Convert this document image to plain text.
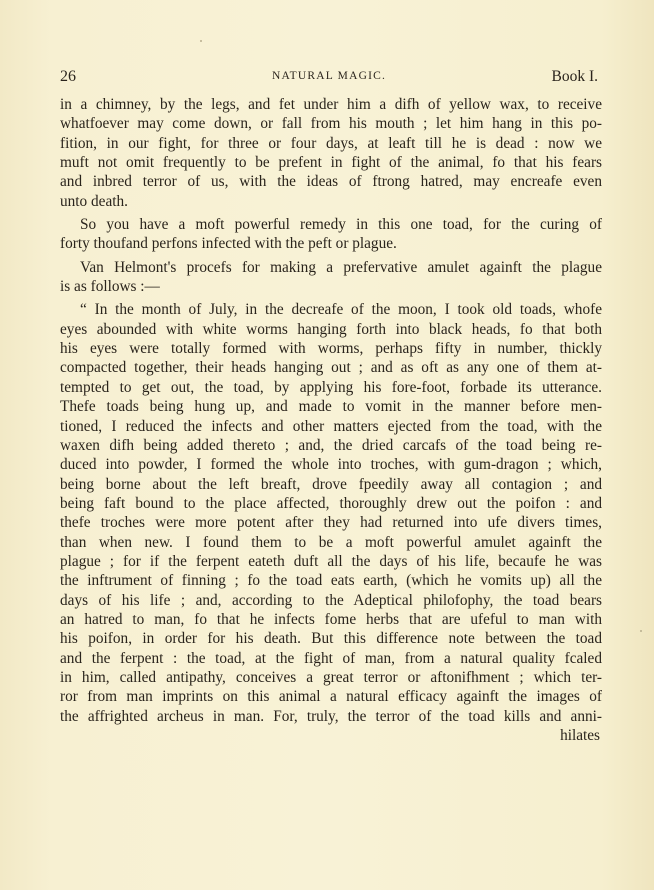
26	NATURAL MAGIC.	Book I.
in a chimney, by the legs, and fet under him a difh of yellow wax, to receive
whatfoever may come down, or fall from his mouth ; let him hang in this po-
fition, in our fight, for three or four days, at leaft till he is dead : now we
muft not omit frequently to be prefent in fight of the animal, fo that his fears
and inbred terror of us, with the ideas of ftrong hatred, may encreafe even
unto death.
So you have a moft powerful remedy in this one toad, for the curing of
forty thoufand perfons infected with the peft or plague.
Van Helmont's procefs for making a prefervative amulet againft the plague
is as follows :—
“ In the month of July, in the decreafe of the moon, I took old toads, whofe
eyes abounded with white worms hanging forth into black heads, fo that both
his eyes were totally formed with worms, perhaps fifty in number, thickly
compacted together, their heads hanging out ; and as oft as any one of them at-
tempted to get out, the toad, by applying his fore-foot, forbade its utterance.
Thefe toads being hung up, and made to vomit in the manner before men-
tioned, I reduced the infects and other matters ejected from the toad, with the
waxen difh being added thereto ; and, the dried carcafs of the toad being re-
duced into powder, I formed the whole into troches, with gum-dragon ; which,
being borne about the left breaft, drove fpeedily away all contagion ; and
being faft bound to the place affected, thoroughly drew out the poifon : and
thefe troches were more potent after they had returned into ufe divers times,
than when new. I found them to be a moft powerful amulet againft the
plague ; for if the ferpent eateth duft all the days of his life, becaufe he was
the inftrument of finning ; fo the toad eats earth, (which he vomits up) all the
days of his life ; and, according to the Adeptical philofophy, the toad bears
an hatred to man, fo that he infects fome herbs that are ufeful to man with
his poifon, in order for his death. But this difference note between the toad
and the ferpent : the toad, at the fight of man, from a natural quality fcaled
in him, called antipathy, conceives a great terror or aftonifhment ; which ter-
ror from man imprints on this animal a natural efficacy againft the images of
the affrighted archeus in man. For, truly, the terror of the toad kills and anni-
hilates
